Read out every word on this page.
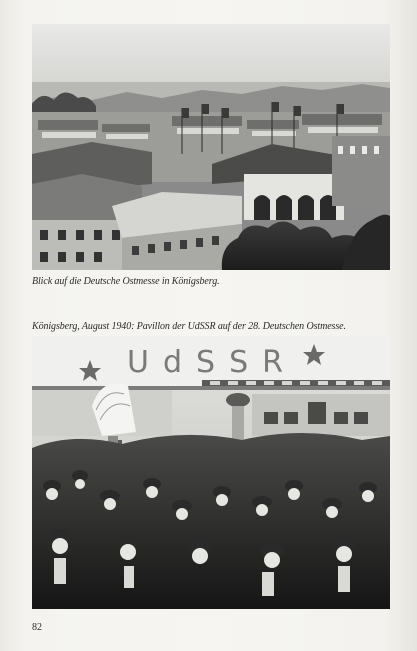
Blick auf die Deutsche Ostmesse in Königsberg.
Königsberg, August 1940: Pavillon der UdSSR auf der 28. Deutschen Ostmesse.
UdSSR
82
